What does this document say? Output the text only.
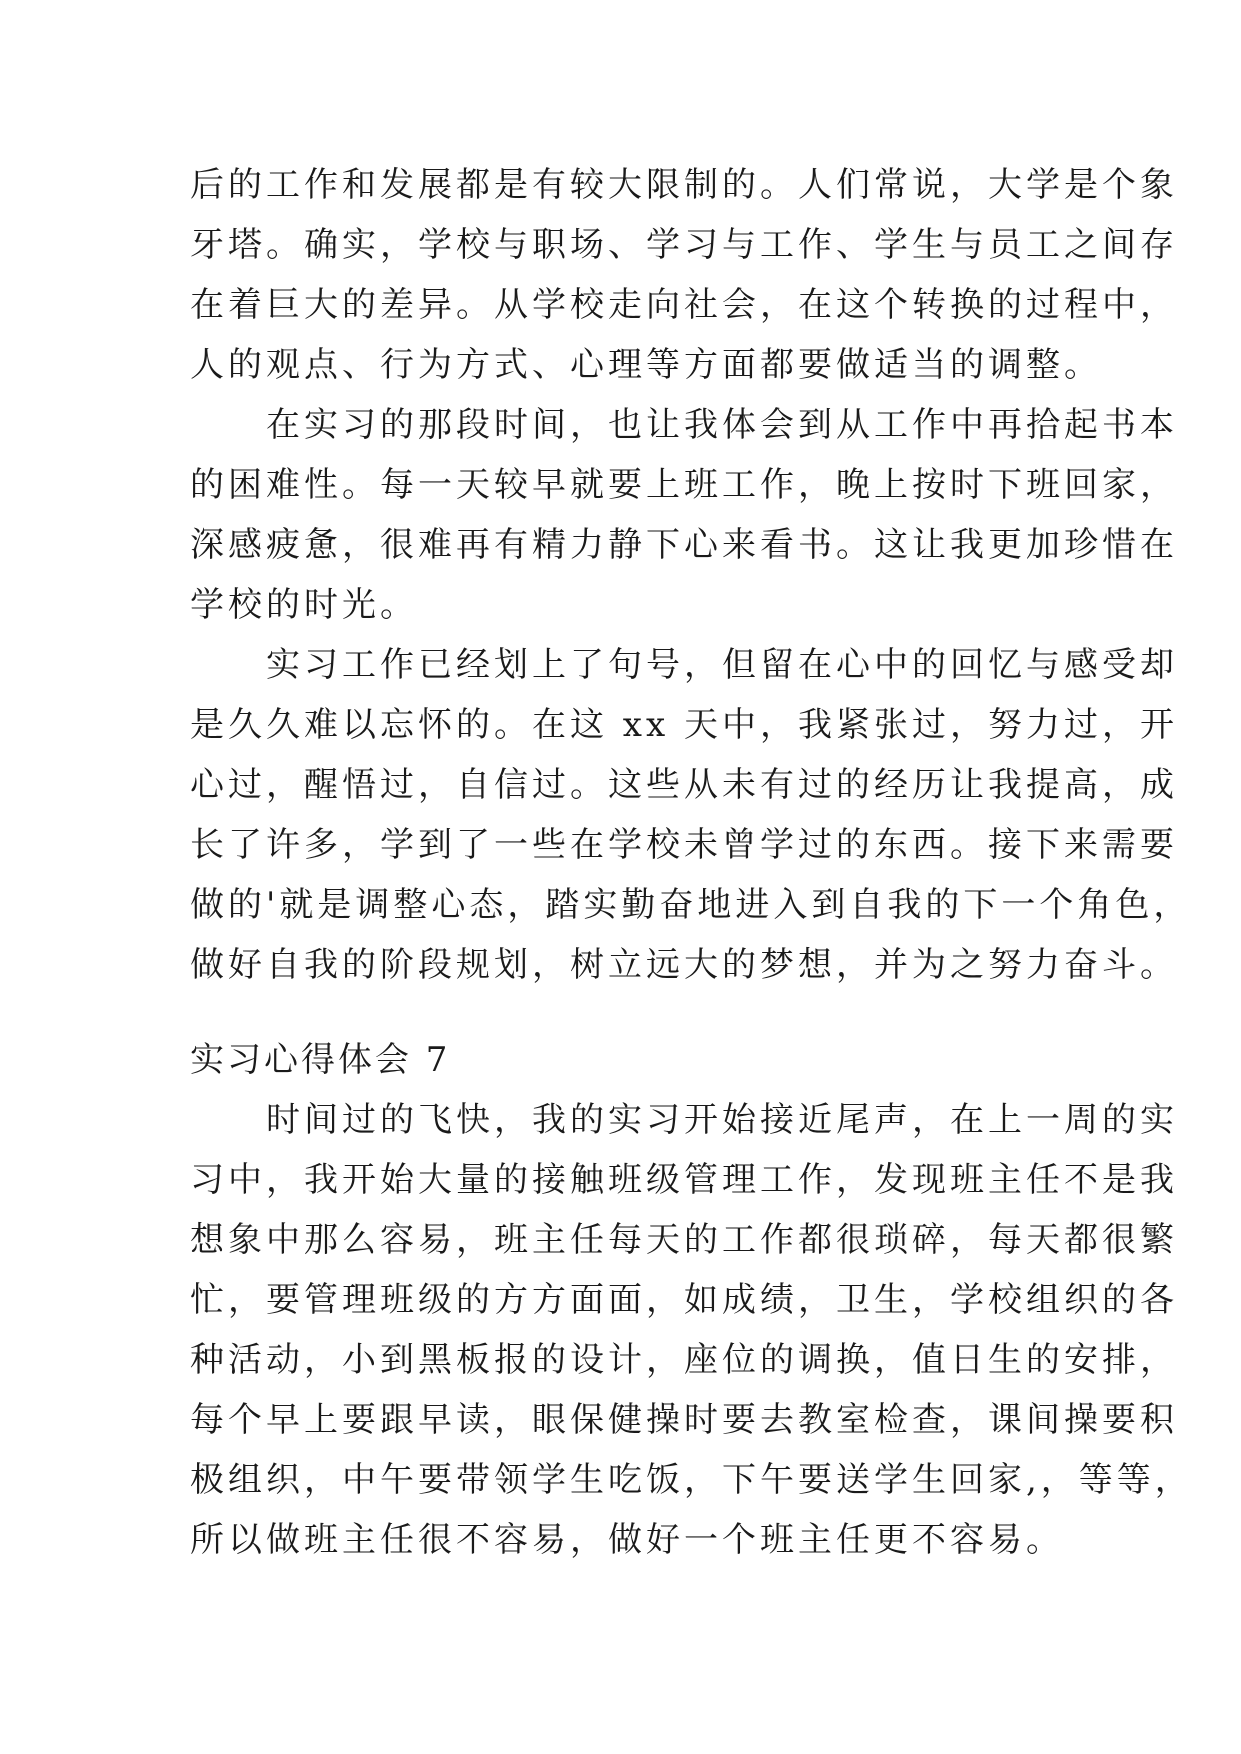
后的工作和发展都是有较大限制的。人们常说，大学是个象
牙塔。确实，学校与职场、学习与工作、学生与员工之间存
在着巨大的差异。从学校走向社会，在这个转换的过程中，
人的观点、行为方式、心理等方面都要做适当的调整。
　　在实习的那段时间，也让我体会到从工作中再拾起书本
的困难性。每一天较早就要上班工作，晚上按时下班回家，
深感疲惫，很难再有精力静下心来看书。这让我更加珍惜在
学校的时光。
　　实习工作已经划上了句号，但留在心中的回忆与感受却
是久久难以忘怀的。在这 xx 天中，我紧张过，努力过，开
心过，醒悟过，自信过。这些从未有过的经历让我提高，成
长了许多，学到了一些在学校未曾学过的东西。接下来需要
做的'就是调整心态，踏实勤奋地进入到自我的下一个角色，
做好自我的阶段规划，树立远大的梦想，并为之努力奋斗。
实习心得体会 7
　　时间过的飞快，我的实习开始接近尾声，在上一周的实
习中，我开始大量的接触班级管理工作，发现班主任不是我
想象中那么容易，班主任每天的工作都很琐碎，每天都很繁
忙，要管理班级的方方面面，如成绩，卫生，学校组织的各
种活动，小到黑板报的设计，座位的调换，值日生的安排，
每个早上要跟早读，眼保健操时要去教室检查，课间操要积
极组织，中午要带领学生吃饭，下午要送学生回家,，等等，
所以做班主任很不容易，做好一个班主任更不容易。
